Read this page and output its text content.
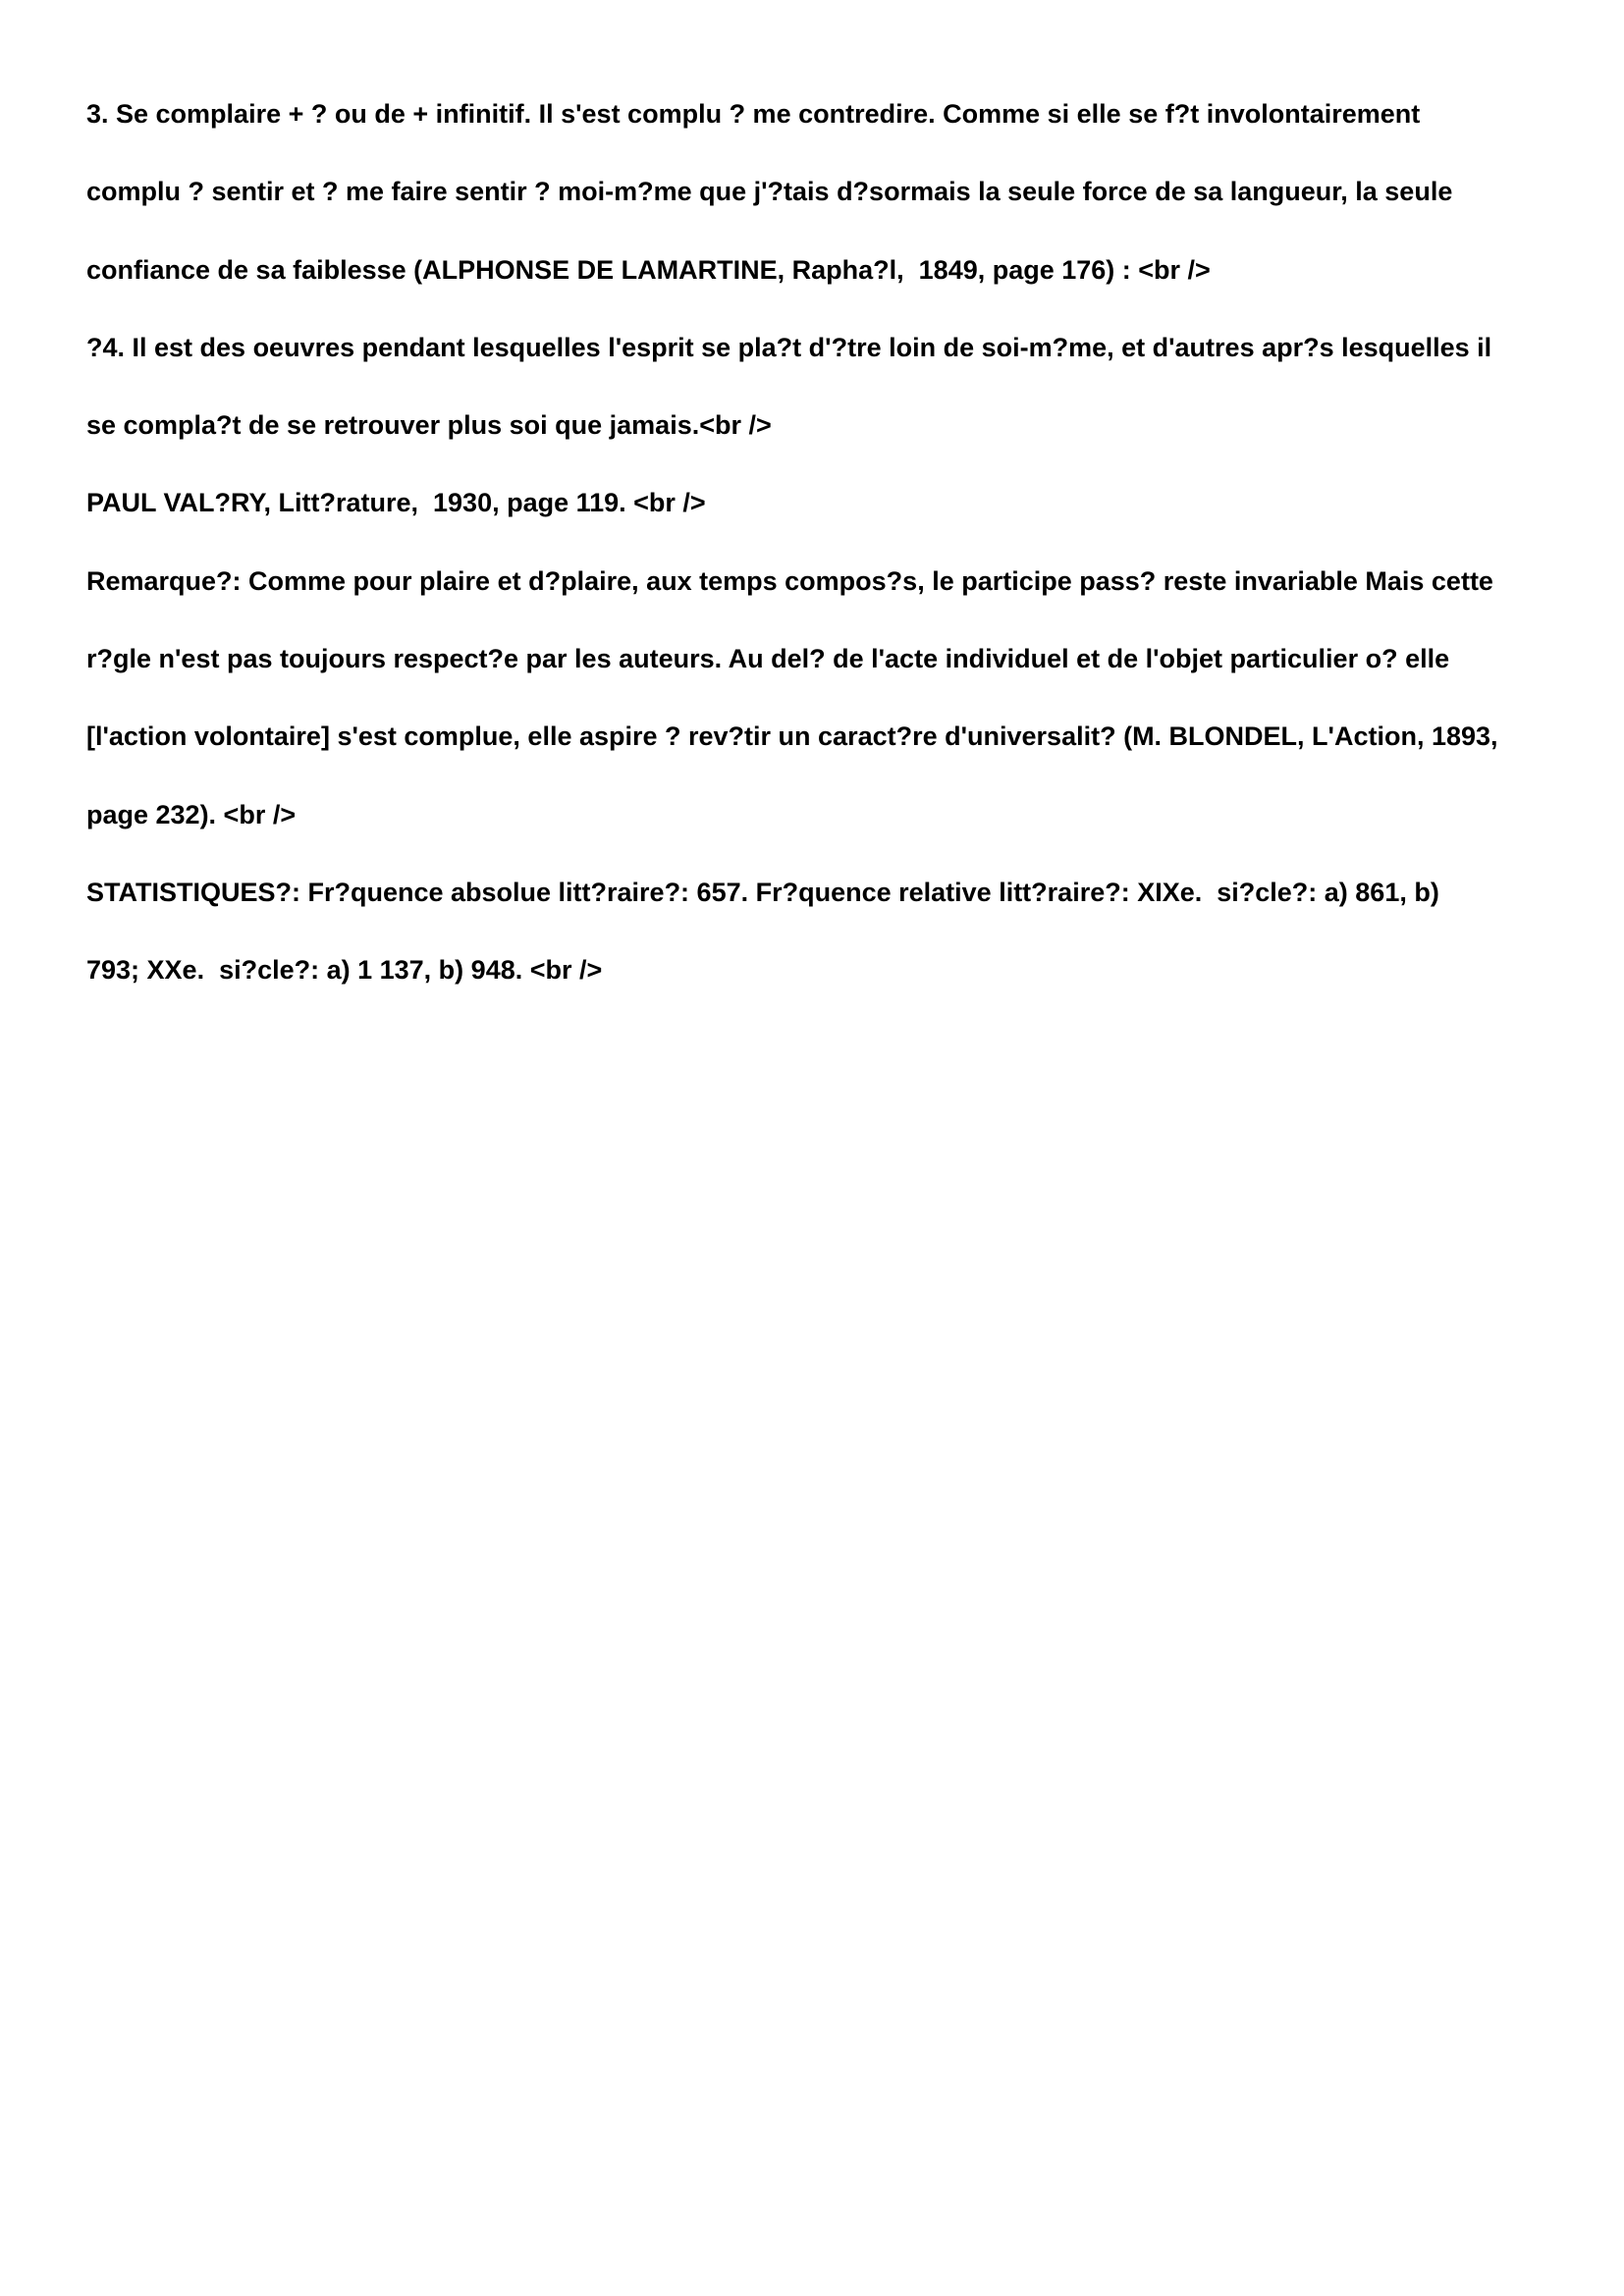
3. Se complaire + ? ou de + infinitif. Il s'est complu ? me contredire. Comme si elle se f?t involontairement
complu ? sentir et ? me faire sentir ? moi-m?me que j'?tais d?sormais la seule force de sa langueur, la seule
confiance de sa faiblesse (ALPHONSE DE LAMARTINE, Rapha?l,  1849, page 176) : <br />
?4. Il est des oeuvres pendant lesquelles l'esprit se pla?t d'?tre loin de soi-m?me, et d'autres apr?s lesquelles il
se compla?t de se retrouver plus soi que jamais.<br />
PAUL VAL?RY, Litt?rature,  1930, page 119. <br />
Remarque?: Comme pour plaire et d?plaire, aux temps compos?s, le participe pass? reste invariable Mais cette
r?gle n'est pas toujours respect?e par les auteurs. Au del? de l'acte individuel et de l'objet particulier o? elle
[l'action volontaire] s'est complue, elle aspire ? rev?tir un caract?re d'universalit? (M. BLONDEL, L'Action, 1893,
page 232). <br />
STATISTIQUES?: Fr?quence absolue litt?raire?: 657. Fr?quence relative litt?raire?: XIXe.  si?cle?: a) 861, b)
793; XXe.  si?cle?: a) 1 137, b) 948. <br />
